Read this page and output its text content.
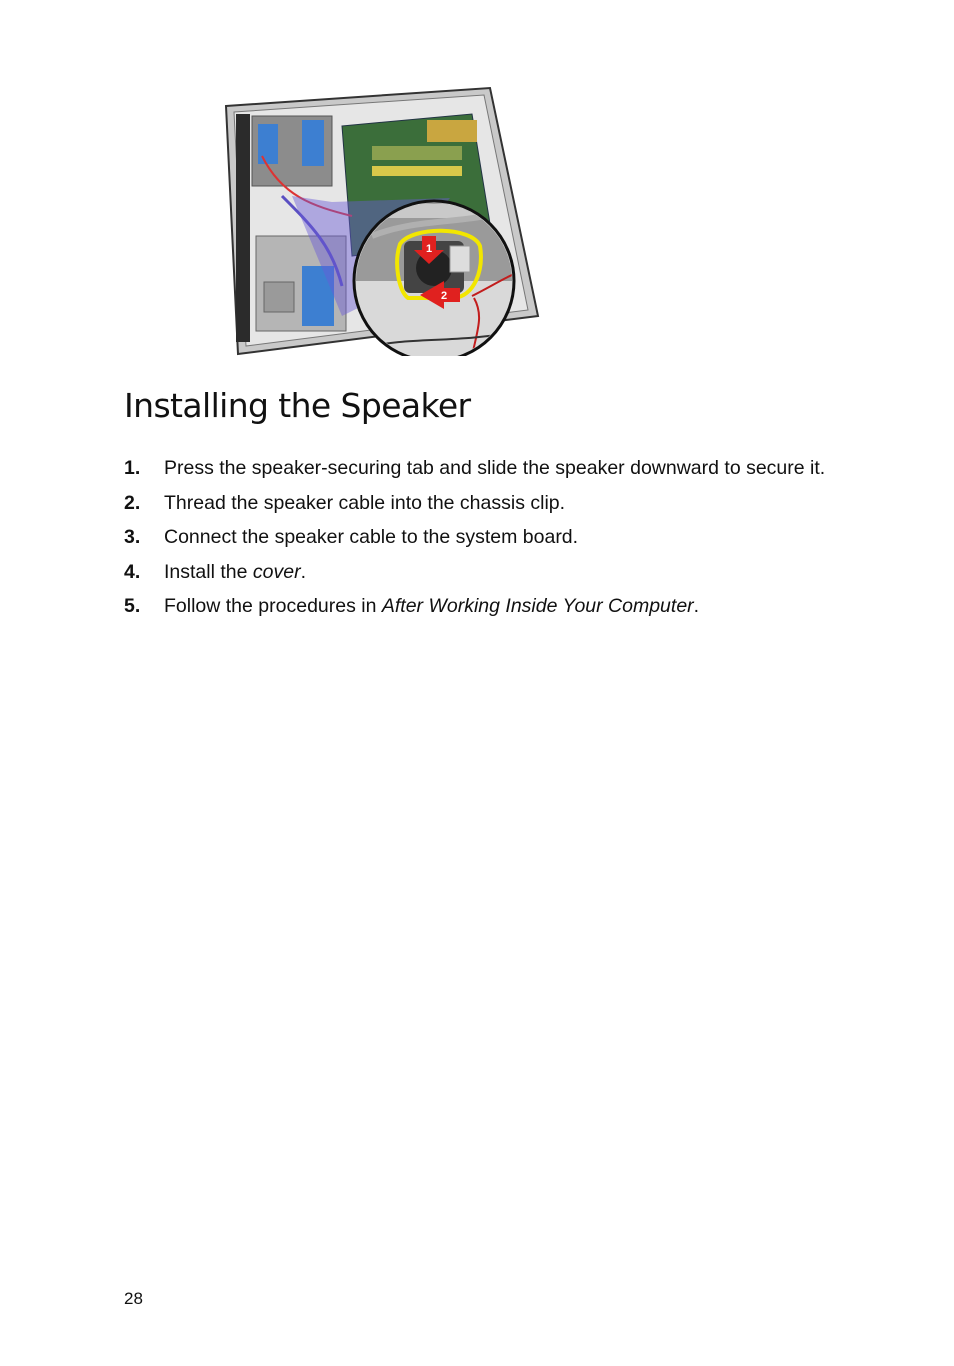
1
2
Installing the Speaker
1. Press the speaker-securing tab and slide the speaker downward to secure it.
2. Thread the speaker cable into the chassis clip.
3. Connect the speaker cable to the system board.
4. Install the cover.
5. Follow the procedures in After Working Inside Your Computer.
28
